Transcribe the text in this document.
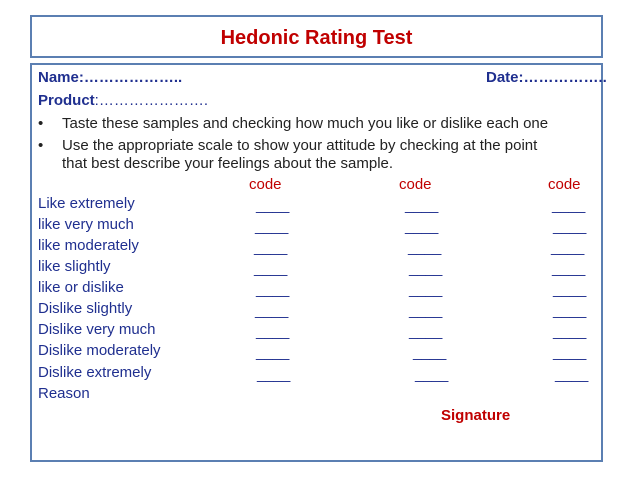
Hedonic Rating Test
Name:………………..	Date:……………..
Product:………………….
• Taste these samples and checking how much you like or dislike each one
• Use the appropriate scale to show your attitude by checking at the point
that best describe your feelings about the sample.
code	code	code
Like extremely	____	____	____
like very much	____	____	____
like moderately	____	____	____
like slightly	____	____	____
like or dislike	____	____	____
Dislike slightly	____	____	____
Dislike very much	____	____	____
Dislike moderately	____	____	____
Dislike extremely	____	____	____
Reason
Signature
